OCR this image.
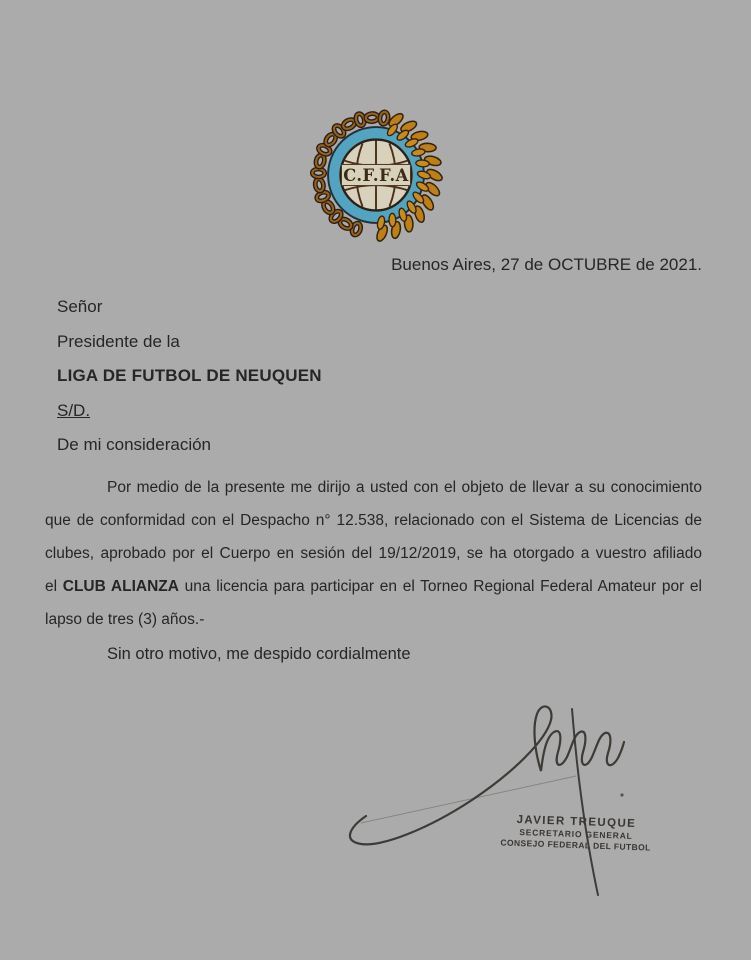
C.F.F.A
Buenos Aires, 27 de OCTUBRE de 2021.
Señor
Presidente de la
LIGA DE FUTBOL DE NEUQUEN
S/D.
De mi consideración
Por medio de la presente me dirijo a usted con el objeto de llevar a su conocimiento
que de conformidad con el Despacho n° 12.538, relacionado con el Sistema de Licencias de
clubes, aprobado por el Cuerpo en sesión del 19/12/2019, se ha otorgado a vuestro afiliado
el CLUB ALIANZA una licencia para participar en el Torneo Regional Federal Amateur por el
lapso de tres (3) años.-
Sin otro motivo, me despido cordialmente
JAVIER TREUQUE
SECRETARIO GENERAL
CONSEJO FEDERAL DEL FUTBOL
